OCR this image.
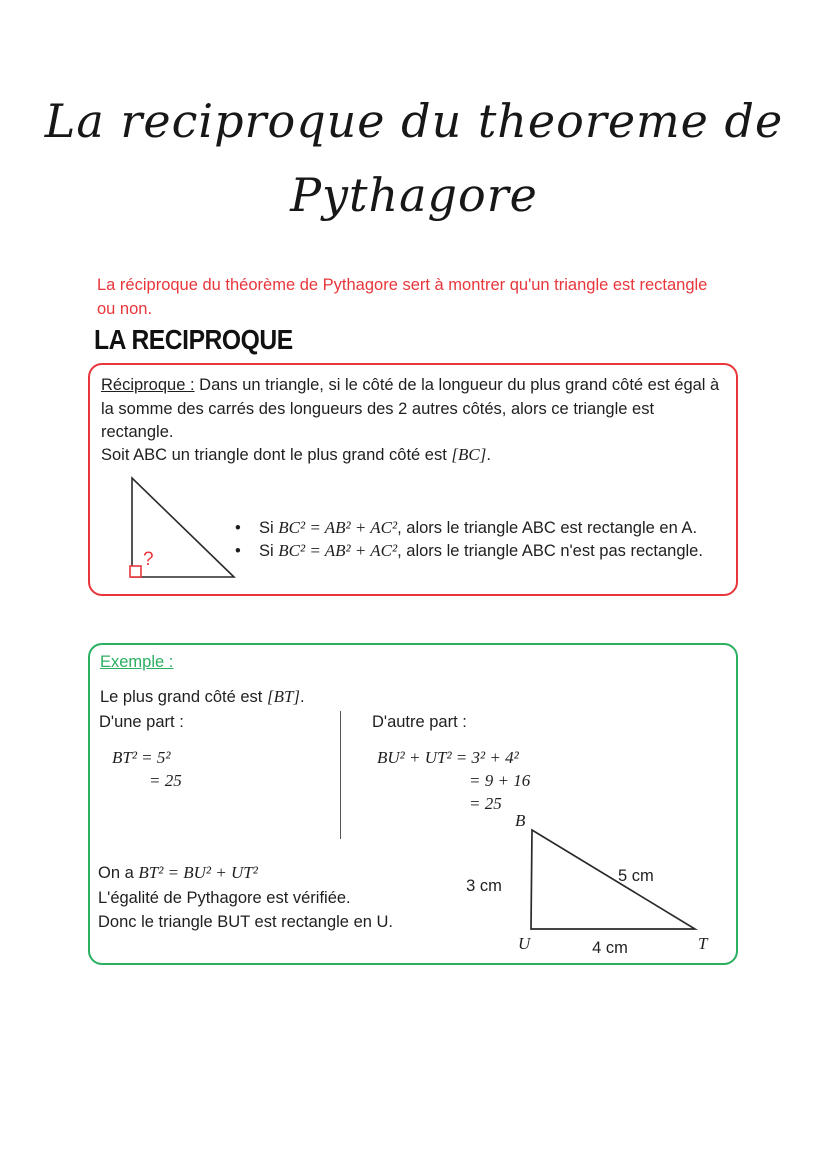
La reciproque du theoreme de
Pythagore

La réciproque du théorème de Pythagore sert à montrer qu'un triangle est rectangle ou non.

LA RECIPROQUE

Réciproque : Dans un triangle, si le côté de la longueur du plus grand côté est égal à la somme des carrés des longueurs des 2 autres côtés, alors ce triangle est rectangle.

Soit ABC un triangle dont le plus grand côté est [BC].

?
•	Si BC² = AB² + AC², alors le triangle ABC est rectangle en A.
•	Si BC² = AB² + AC², alors le triangle ABC n'est pas rectangle.
Exemple :

Le plus grand côté est [BT].

D'une part :	D'autre part :
BT² = 5²
= 25
BU² + UT² = 3² + 4²
= 9 + 16
= 25
On a BT² = BU² + UT²
L'égalité de Pythagore est vérifiée.
Donc le triangle BUT est rectangle en U.
B
U	T
3 cm
4 cm
5 cm
